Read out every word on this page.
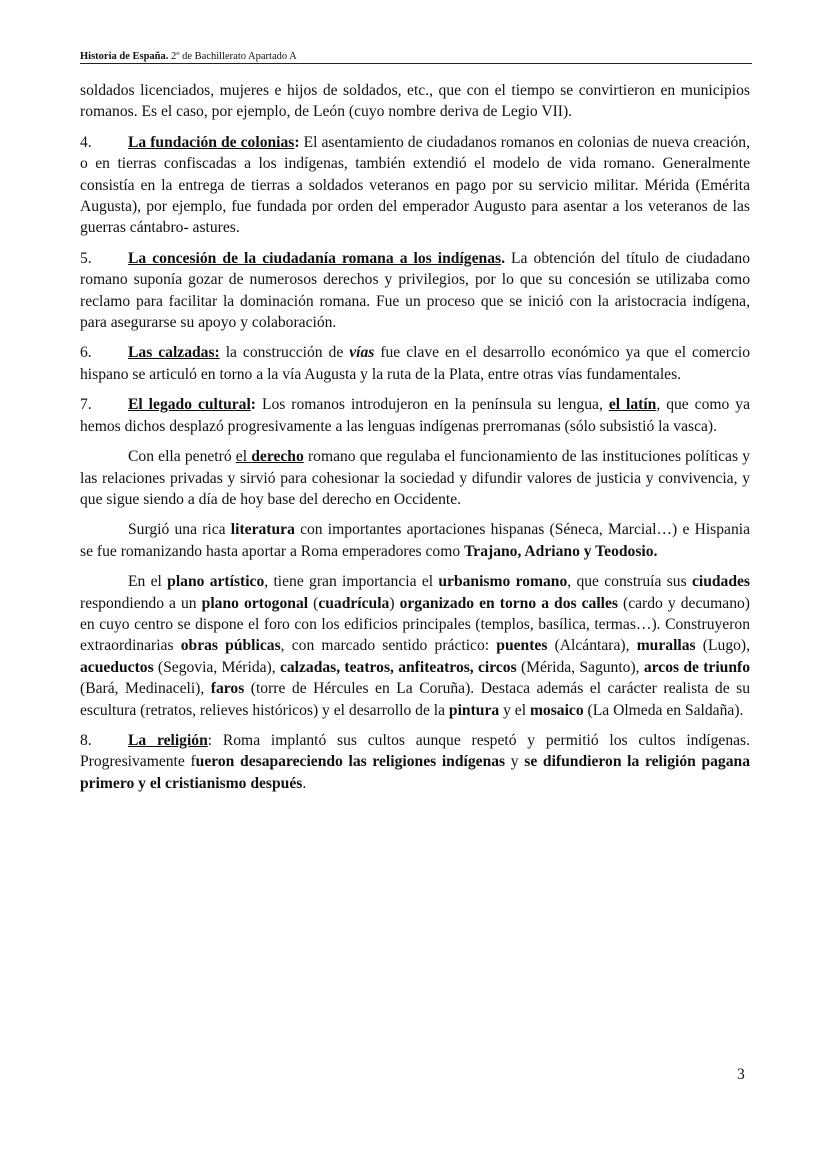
Historia de España. 2º de Bachillerato Apartado A

soldados licenciados, mujeres e hijos de soldados, etc., que con el tiempo se convirtieron en municipios romanos. Es el caso, por ejemplo, de León (cuyo nombre deriva de Legio VII).

4. La fundación de colonias: El asentamiento de ciudadanos romanos en colonias de nueva creación, o en tierras confiscadas a los indígenas, también extendió el modelo de vida romano. Generalmente consistía en la entrega de tierras a soldados veteranos en pago por su servicio militar. Mérida (Emérita Augusta), por ejemplo, fue fundada por orden del emperador Augusto para asentar a los veteranos de las guerras cántabro- astures.

5. La concesión de la ciudadanía romana a los indígenas. La obtención del título de ciudadano romano suponía gozar de numerosos derechos y privilegios, por lo que su concesión se utilizaba como reclamo para facilitar la dominación romana. Fue un proceso que se inició con la aristocracia indígena, para asegurarse su apoyo y colaboración.

6. Las calzadas: la construcción de vías fue clave en el desarrollo económico ya que el comercio hispano se articuló en torno a la vía Augusta y la ruta de la Plata, entre otras vías fundamentales.

7. El legado cultural: Los romanos introdujeron en la península su lengua, el latín, que como ya hemos dichos desplazó progresivamente a las lenguas indígenas prerromanas (sólo subsistió la vasca).

Con ella penetró el derecho romano que regulaba el funcionamiento de las instituciones políticas y las relaciones privadas y sirvió para cohesionar la sociedad y difundir valores de justicia y convivencia, y que sigue siendo a día de hoy base del derecho en Occidente.

Surgió una rica literatura con importantes aportaciones hispanas (Séneca, Marcial…) e Hispania se fue romanizando hasta aportar a Roma emperadores como Trajano, Adriano y Teodosio.

En el plano artístico, tiene gran importancia el urbanismo romano, que construía sus ciudades respondiendo a un plano ortogonal (cuadrícula) organizado en torno a dos calles (cardo y decumano) en cuyo centro se dispone el foro con los edificios principales (templos, basílica, termas…). Construyeron extraordinarias obras públicas, con marcado sentido práctico: puentes (Alcántara), murallas (Lugo), acueductos (Segovia, Mérida), calzadas, teatros, anfiteatros, circos (Mérida, Sagunto), arcos de triunfo (Bará, Medinaceli), faros (torre de Hércules en La Coruña). Destaca además el carácter realista de su escultura (retratos, relieves históricos) y el desarrollo de la pintura y el mosaico (La Olmeda en Saldaña).

8. La religión: Roma implantó sus cultos aunque respetó y permitió los cultos indígenas. Progresivamente fueron desapareciendo las religiones indígenas y se difundieron la religión pagana primero y el cristianismo después.

3
